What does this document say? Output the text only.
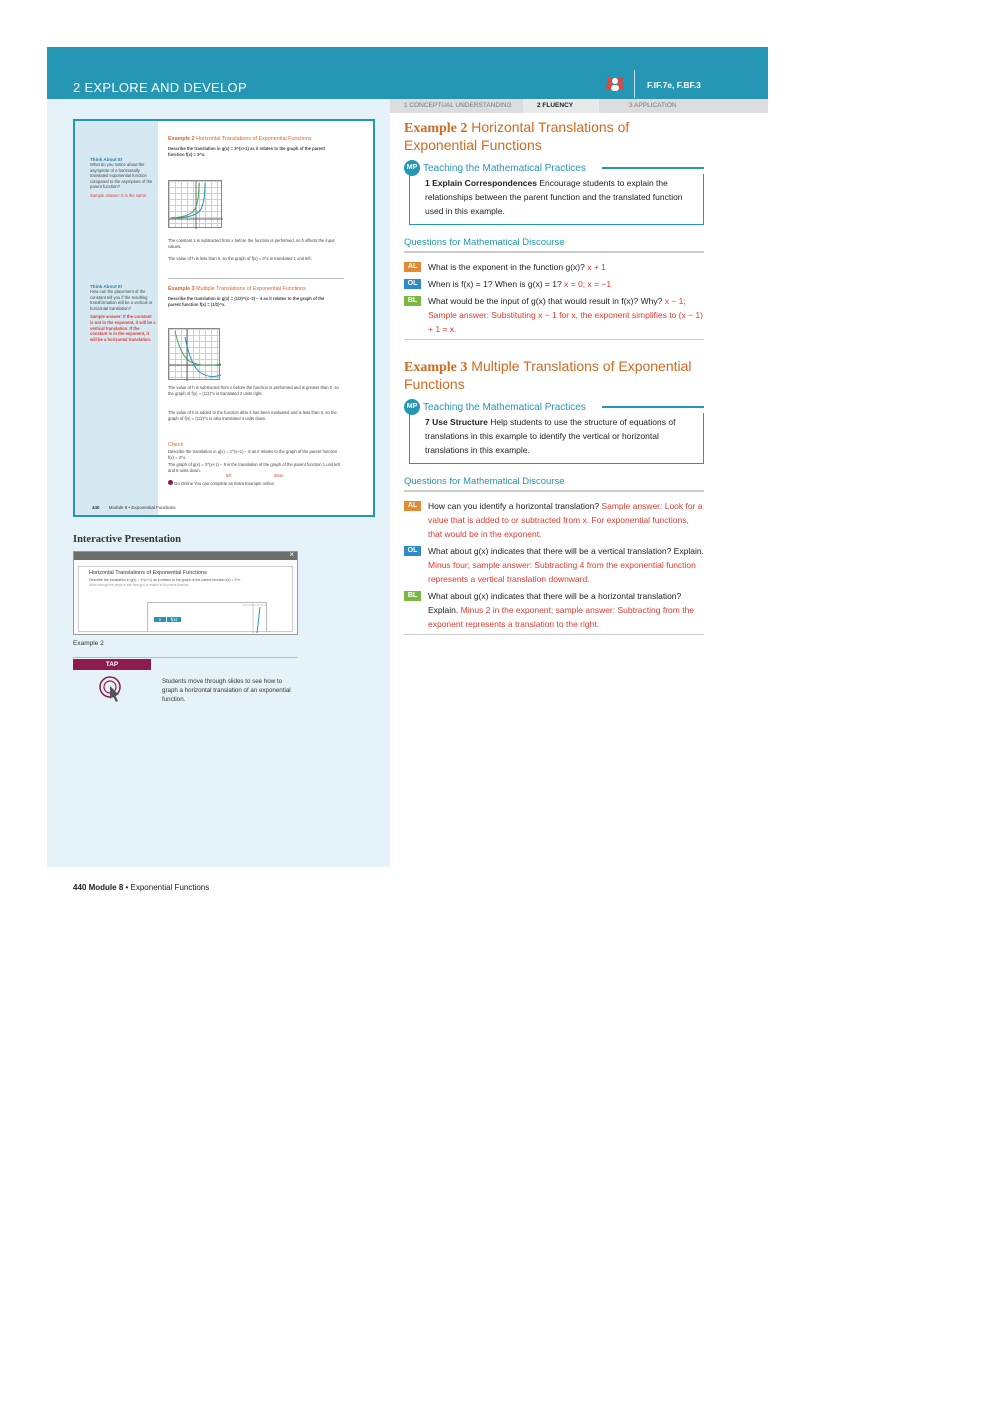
2 EXPLORE AND DEVELOP	F.IF.7e, F.BF.3
1 CONCEPTUAL UNDERSTANDING	2 FLUENCY	3 APPLICATION
Think About It!
What do you notice about the asymptote of a horizontally translated exponential function compared to the asymptote of the parent function?
Sample answer: It is the same.
Example 2 Horizontal Translations of Exponential Functions
Describe the translation in g(x) = 3^(x+1) as it relates to the graph of the parent function f(x) = 3^x.
The constant 1 is subtracted from x before the function is performed, so h affects the input values.
The value of h is less than 0, so the graph of f(x) = 3^x is translated 1 unit left.
Think About It!
How can the placement of the constant tell you if the resulting transformation will be a vertical or horizontal translation?
Sample answer: If the constant is not in the exponent, it will be a vertical translation. If the constant is in the exponent, it will be a horizontal translation.
Example 3 Multiple Translations of Exponential Functions
Describe the translation in g(x) = (1/2)^(x−2) − 4 as it relates to the graph of the parent function f(x) = (1/2)^x.
The value of h is subtracted from x before the function is performed and is greater than 0, so the graph of f(x) = (1/2)^x is translated 2 units right.
The value of k is added to the function after it has been evaluated and is less than 0, so the graph of f(x) = (1/2)^x is also translated 4 units down.
Check
Describe the translation in g(x) = 2^(x+1) − 8 as it relates to the graph of the parent function f(x) = 2^x.
The graph of g(x) = 2^(x+1) − 8 is the translation of the graph of the parent function 1 unit left and 8 units down.
left	down
Go Online You can complete an Extra Example online.
440 Module 8 • Exponential Functions
Interactive Presentation
×
Horizontal Translations of Exponential Functions
Describe the translation in g(x) = 3^(x+1) as it relates to the graph of the parent function f(x) = 3^x.
Move through the steps to see how g(x) is related to its parent function.
x	f(x)
Example 2
TAP
Students move through slides to see how to graph a horizontal translation of an exponential function.
440 Module 8 • Exponential Functions
Example 2 Horizontal Translations of Exponential Functions
MP Teaching the Mathematical Practices
1 Explain Correspondences Encourage students to explain the relationships between the parent function and the translated function used in this example.
Questions for Mathematical Discourse
AL	What is the exponent in the function g(x)? x + 1
OL	When is f(x) = 1? When is g(x) = 1? x = 0; x = −1
BL	What would be the input of g(x) that would result in f(x)? Why? x − 1; Sample answer: Substituting x − 1 for x, the exponent simplifies to (x − 1) + 1 = x.
Example 3 Multiple Translations of Exponential Functions
MP Teaching the Mathematical Practices
7 Use Structure Help students to use the structure of equations of translations in this example to identify the vertical or horizontal translations in this example.
Questions for Mathematical Discourse
AL	How can you identify a horizontal translation? Sample answer: Look for a value that is added to or subtracted from x. For exponential functions, that would be in the exponent.
OL	What about g(x) indicates that there will be a vertical translation? Explain. Minus four; sample answer: Subtracting 4 from the exponential function represents a vertical translation downward.
BL	What about g(x) indicates that there will be a horizontal translation? Explain. Minus 2 in the exponent; sample answer: Subtracting from the exponent represents a translation to the right.
